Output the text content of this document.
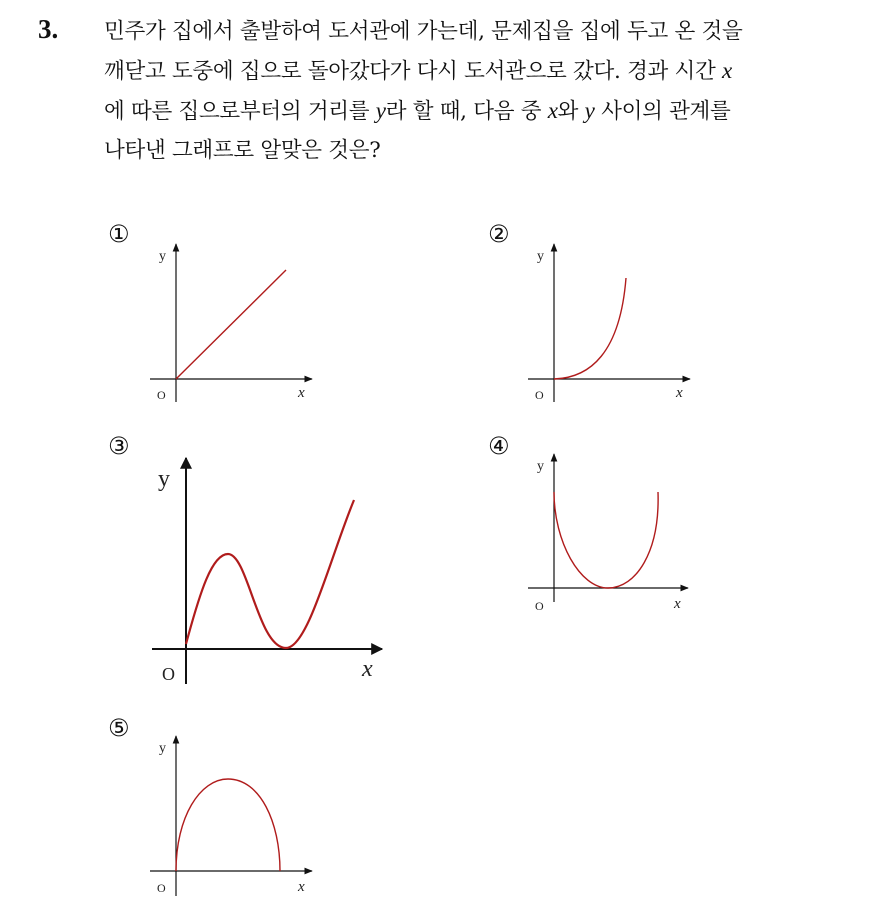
3. 민주가 집에서 출발하여 도서관에 가는데, 문제집을 집에 두고 온 것을
깨닫고 도중에 집으로 돌아갔다가 다시 도서관으로 갔다. 경과 시간 x
에 따른 집으로부터의 거리를 y라 할 때, 다음 중 x와 y 사이의 관계를
나타낸 그래프로 알맞은 것은?
①
y
x
O
②
y
x
O
③
y
x
O
④
y
x
O
⑤
y
x
O
